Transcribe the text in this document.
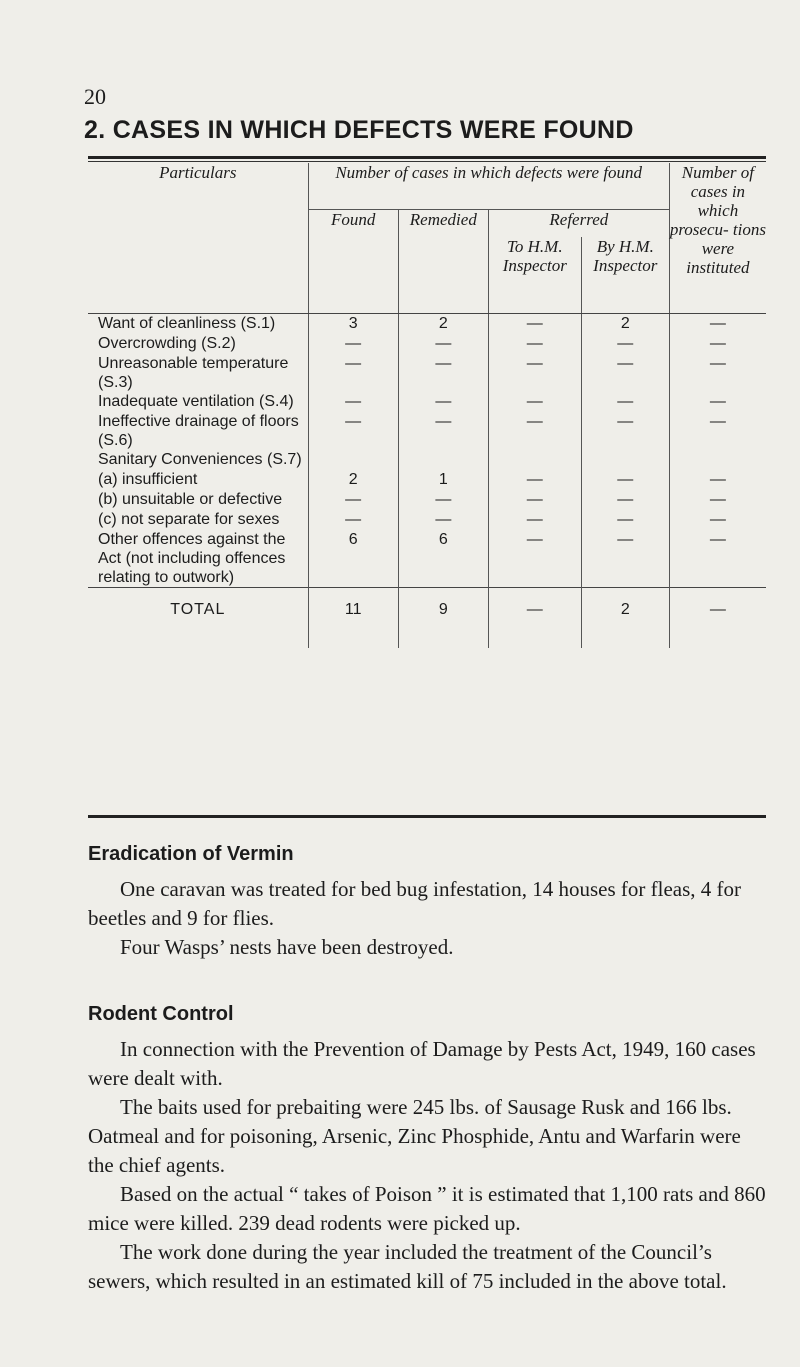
20
2. CASES IN WHICH DEFECTS WERE FOUND
Particulars	Number of cases in which defects were found				Number of cases in which prosecu- tions were instituted
	Found	Remedied	Referred		
			To H.M. Inspector	By H.M. Inspector	

Want of cleanliness (S.1)	3	2	—	2	—
Overcrowding (S.2)	—	—	—	—	—
Unreasonable temperature (S.3)	—	—	—	—	—
Inadequate ventilation (S.4)	—	—	—	—	—
Ineffective drainage of floors (S.6)	—	—	—	—	—
Sanitary Conveniences (S.7)					
(a) insufficient	2	1	—	—	—
(b) unsuitable or defective	—	—	—	—	—
(c) not separate for sexes	—	—	—	—	—
Other offences against the Act (not including offences relating to outwork)	6	6	—	—	—
TOTAL	11	9	—	2	—
Eradication of Vermin

One caravan was treated for bed bug infestation, 14 houses for fleas, 4 for beetles and 9 for flies.

Four Wasps’ nests have been destroyed.

Rodent Control

In connection with the Prevention of Damage by Pests Act, 1949, 160 cases were dealt with.

The baits used for prebaiting were 245 lbs. of Sausage Rusk and 166 lbs. Oatmeal and for poisoning, Arsenic, Zinc Phosphide, Antu and Warfarin were the chief agents.

Based on the actual “ takes of Poison ” it is estimated that 1,100 rats and 860 mice were killed. 239 dead rodents were picked up.

The work done during the year included the treatment of the Council’s sewers, which resulted in an estimated kill of 75 included in the above total.
